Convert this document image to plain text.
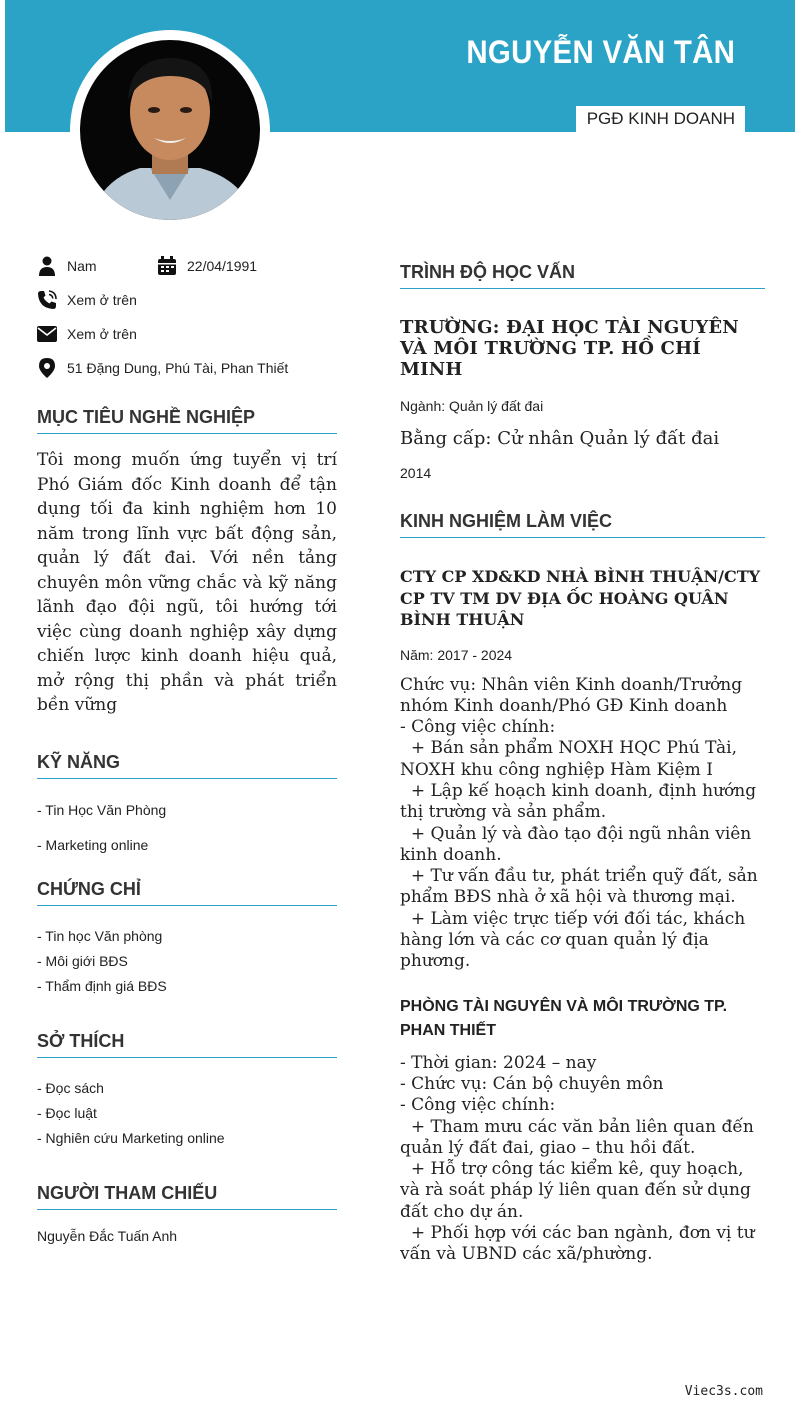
NGUYỄN VĂN TÂN
PGĐ KINH DOANH
Nam	22/04/1991
Xem ở trên
Xem ở trên
51 Đặng Dung, Phú Tài, Phan Thiết
MỤC TIÊU NGHỀ NGHIỆP
Tôi mong muốn ứng tuyển vị trí Phó Giám đốc Kinh doanh để tận dụng tối đa kinh nghiệm hơn 10 năm trong lĩnh vực bất động sản, quản lý đất đai. Với nền tảng chuyên môn vững chắc và kỹ năng lãnh đạo đội ngũ, tôi hướng tới việc cùng doanh nghiệp xây dựng chiến lược kinh doanh hiệu quả, mở rộng thị phần và phát triển bền vững
KỸ NĂNG
- Tin Học Văn Phòng
- Marketing online
CHỨNG CHỈ
- Tin học Văn phòng
- Môi giới BĐS
- Thẩm định giá BĐS
SỞ THÍCH
- Đọc sách
- Đọc luật
- Nghiên cứu Marketing online
NGƯỜI THAM CHIẾU
Nguyễn Đắc Tuấn Anh
TRÌNH ĐỘ HỌC VẤN
TRƯỜNG: ĐẠI HỌC TÀI NGUYÊN VÀ MÔI TRƯỜNG TP. HỒ CHÍ MINH
Ngành: Quản lý đất đai
Bằng cấp: Cử nhân Quản lý đất đai
2014
KINH NGHIỆM LÀM VIỆC
CTY CP XD&KD NHÀ BÌNH THUẬN/CTY CP TV TM DV ĐỊA ỐC HOÀNG QUÂN BÌNH THUẬN
Năm: 2017 - 2024
Chức vụ: Nhân viên Kinh doanh/Trưởng nhóm Kinh doanh/Phó GĐ Kinh doanh
- Công việc chính:
+ Bán sản phẩm NOXH HQC Phú Tài, NOXH khu công nghiệp Hàm Kiệm I
+ Lập kế hoạch kinh doanh, định hướng thị trường và sản phẩm.
+ Quản lý và đào tạo đội ngũ nhân viên kinh doanh.
+ Tư vấn đầu tư, phát triển quỹ đất, sản phẩm BĐS nhà ở xã hội và thương mại.
+ Làm việc trực tiếp với đối tác, khách hàng lớn và các cơ quan quản lý địa phương.
PHÒNG TÀI NGUYÊN VÀ MÔI TRƯỜNG TP. PHAN THIẾT
- Thời gian: 2024 – nay
- Chức vụ: Cán bộ chuyên môn
- Công việc chính:
+ Tham mưu các văn bản liên quan đến quản lý đất đai, giao – thu hồi đất.
+ Hỗ trợ công tác kiểm kê, quy hoạch, và rà soát pháp lý liên quan đến sử dụng đất cho dự án.
+ Phối hợp với các ban ngành, đơn vị tư vấn và UBND các xã/phường.
Viec3s.com
